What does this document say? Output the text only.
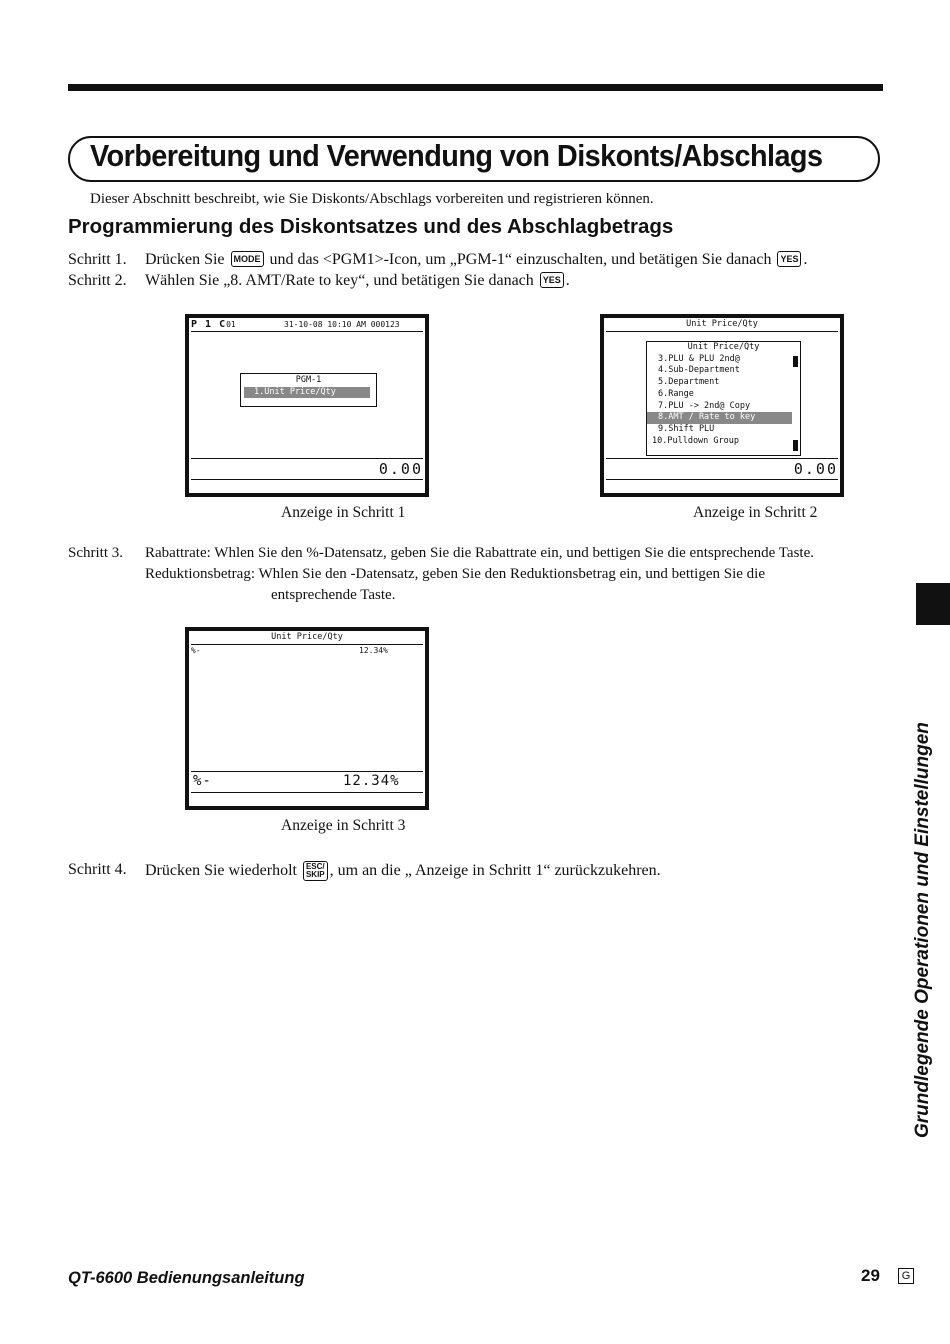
Vorbereitung und Verwendung von Diskonts/Abschlags
Dieser Abschnitt beschreibt, wie Sie Diskonts/Abschlags vorbereiten und registrieren können.
Programmierung des Diskontsatzes und des Abschlagbetrags
Schritt 1. Drücken Sie MODE und das <PGM1>-Icon, um „PGM-1“ einzuschalten, und betätigen Sie danach YES .
Schritt 2. Wählen Sie „8. AMT/Rate to key“, und betätigen Sie danach YES .
P 1 C01	31-10-08 10:10 AM 000123
PGM-1
1.Unit Price/Qty
0.00
Anzeige in Schritt 1
Unit Price/Qty
Unit Price/Qty
3.PLU & PLU 2nd@
4.Sub-Department
5.Department
6.Range
7.PLU -> 2nd@ Copy
8.AMT / Rate to key
9.Shift PLU
10.Pulldown Group
0.00
Anzeige in Schritt 2
Schritt 3. Rabattrate: Whlen Sie den %-Datensatz, geben Sie die Rabattrate ein, und bettigen Sie die entsprechende Taste.
Reduktionsbetrag: Whlen Sie den -Datensatz, geben Sie den Reduktionsbetrag ein, und bettigen Sie die
entsprechende Taste.
Unit Price/Qty
%-	12.34%
%-	12.34%
Anzeige in Schritt 3
Schritt 4. Drücken Sie wiederholt ESC/
SKIP , um an die „ Anzeige in Schritt 1“ zurückzukehren.	Grundlegende Operationen und Einstellungen
QT-6600 Bedienungsanleitung	29	G
